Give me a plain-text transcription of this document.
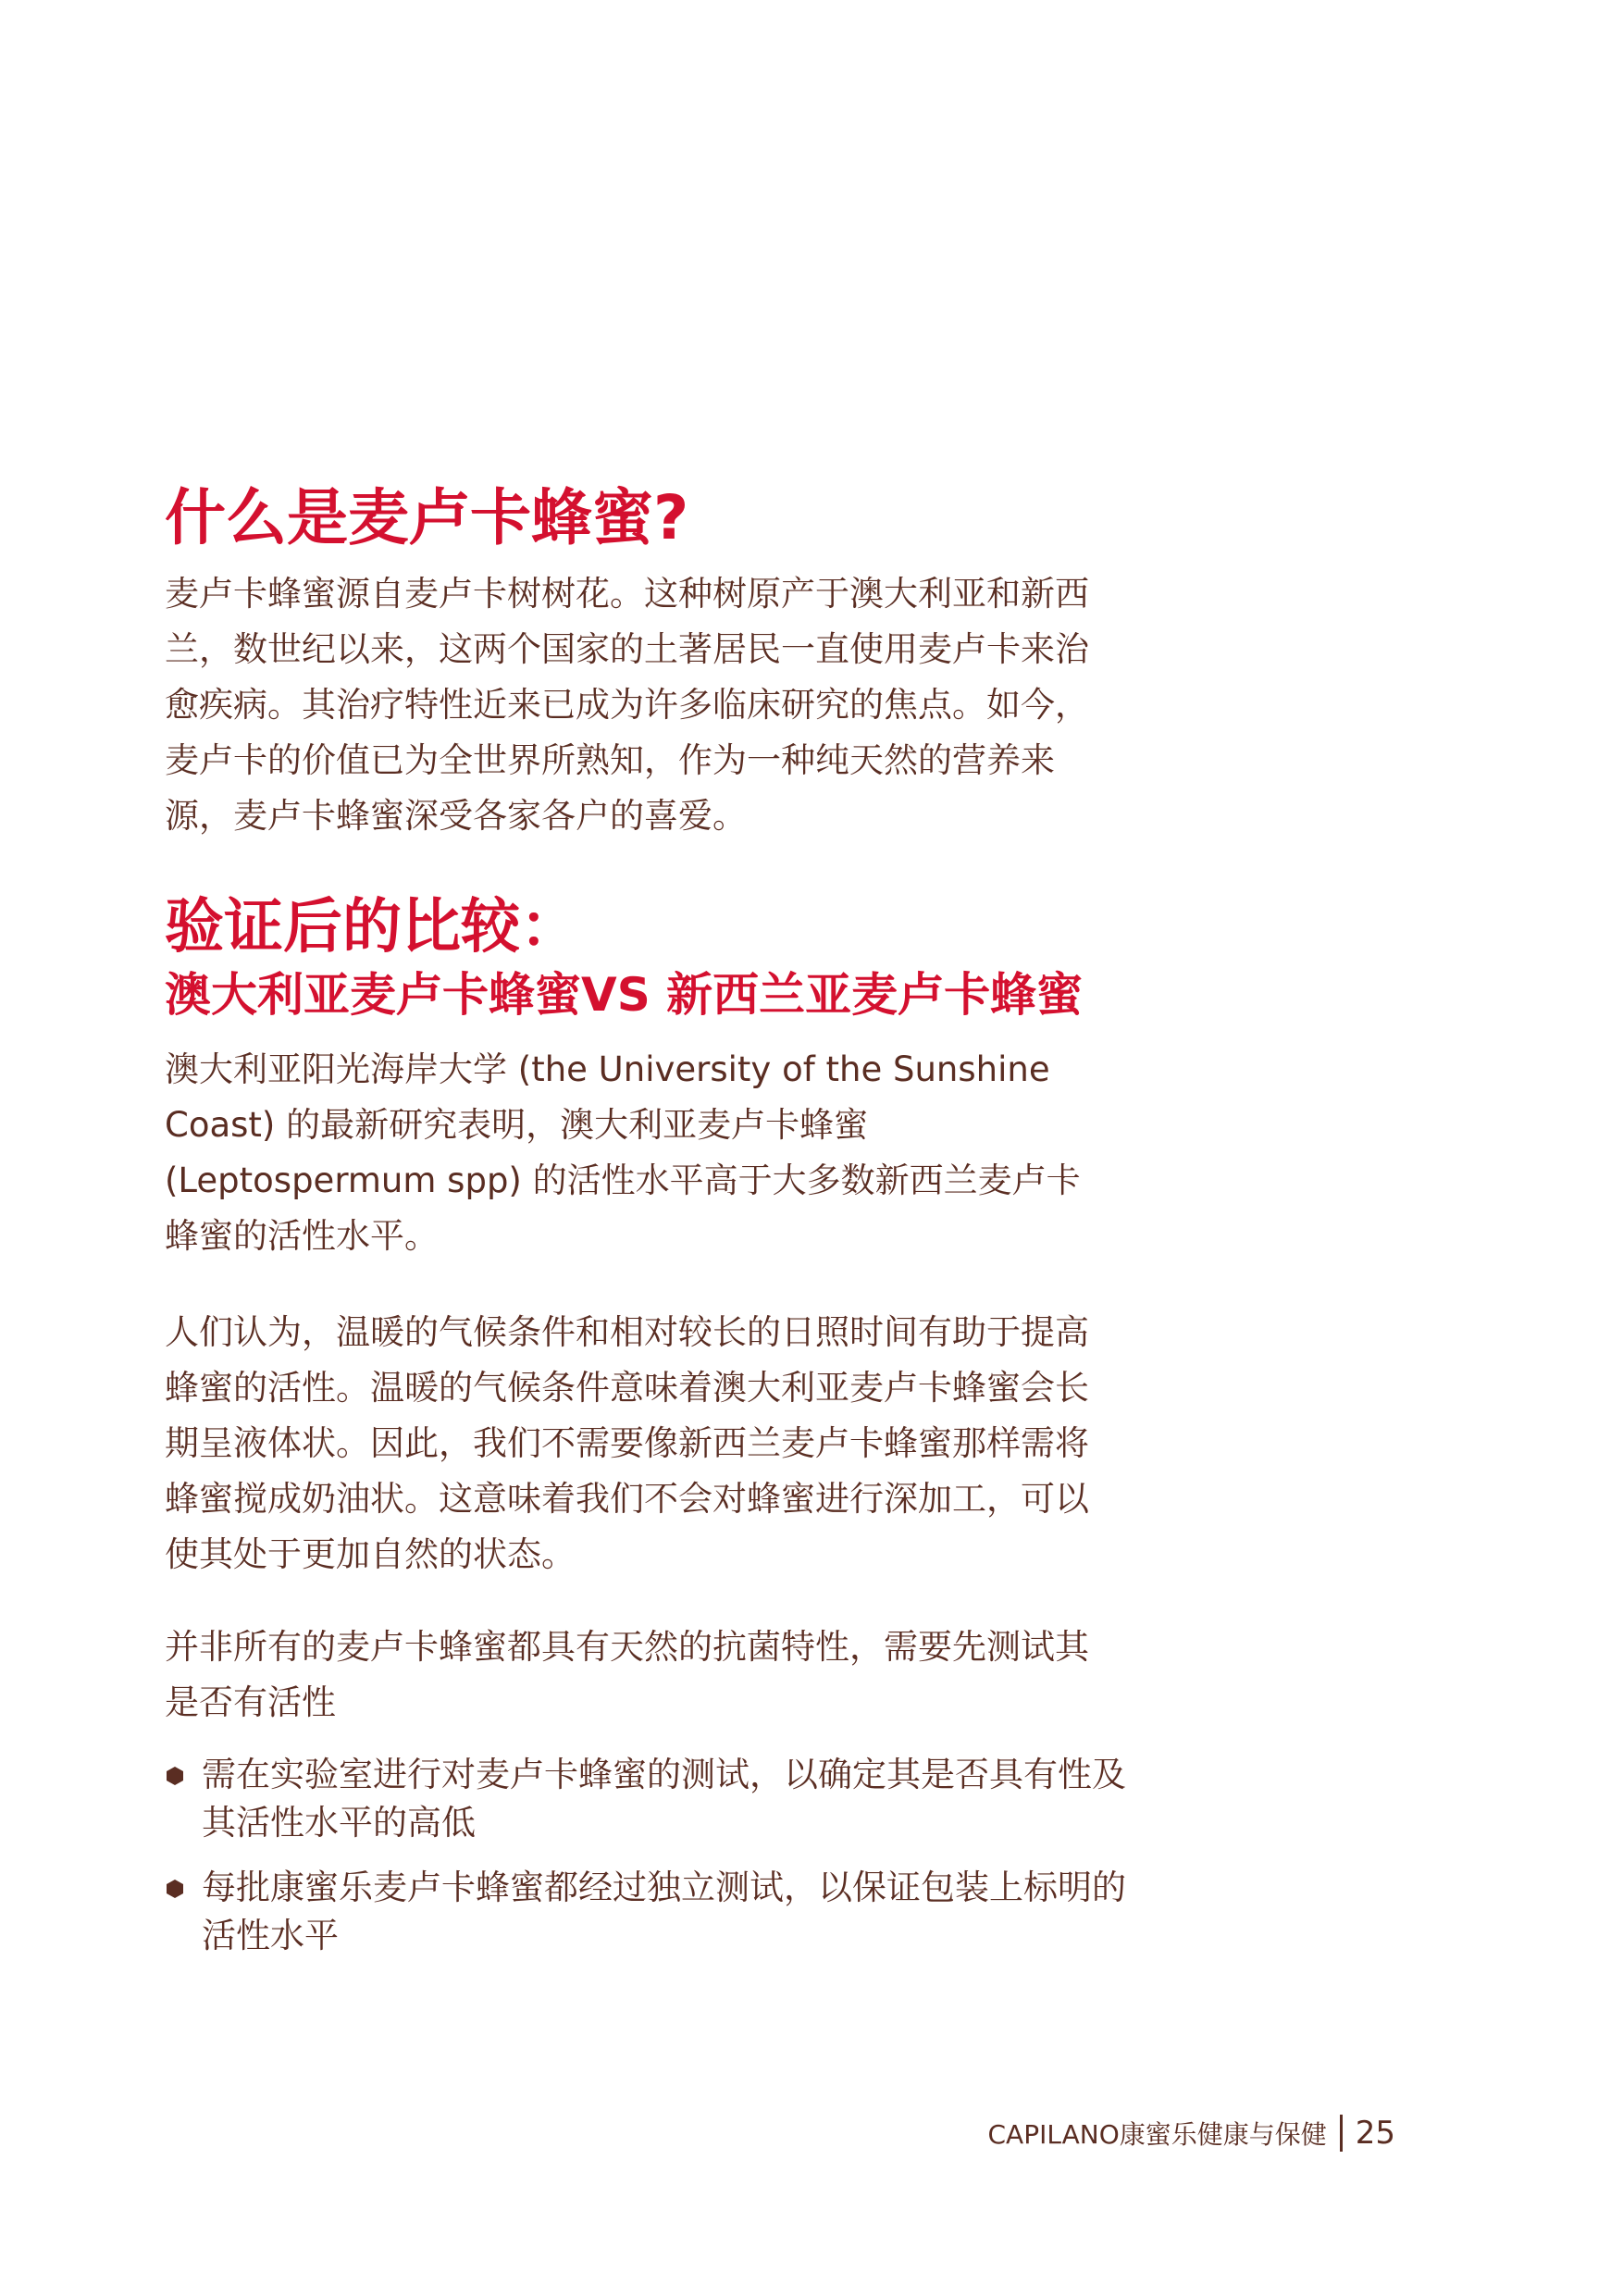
什么是麦卢卡蜂蜜?

麦卢卡蜂蜜源自麦卢卡树树花。这种树原产于澳大利亚和新西兰，数世纪以来，这两个国家的土著居民一直使用麦卢卡来治愈疾病。其治疗特性近来已成为许多临床研究的焦点。如今，麦卢卡的价值已为全世界所熟知，作为一种纯天然的营养来源，麦卢卡蜂蜜深受各家各户的喜爱。

验证后的比较：
澳大利亚麦卢卡蜂蜜VS 新西兰亚麦卢卡蜂蜜

澳大利亚阳光海岸大学 (the University of the Sunshine Coast) 的最新研究表明，澳大利亚麦卢卡蜂蜜 (Leptospermum spp) 的活性水平高于大多数新西兰麦卢卡蜂蜜的活性水平。

人们认为，温暖的气候条件和相对较长的日照时间有助于提高蜂蜜的活性。温暖的气候条件意味着澳大利亚麦卢卡蜂蜜会长期呈液体状。因此，我们不需要像新西兰麦卢卡蜂蜜那样需将蜂蜜搅成奶油状。这意味着我们不会对蜂蜜进行深加工，可以使其处于更加自然的状态。

并非所有的麦卢卡蜂蜜都具有天然的抗菌特性，需要先测试其是否有活性

需在实验室进行对麦卢卡蜂蜜的测试，以确定其是否具有性及其活性水平的高低
每批康蜜乐麦卢卡蜂蜜都经过独立测试，以保证包装上标明的活性水平
CAPILANO康蜜乐健康与保健 25
